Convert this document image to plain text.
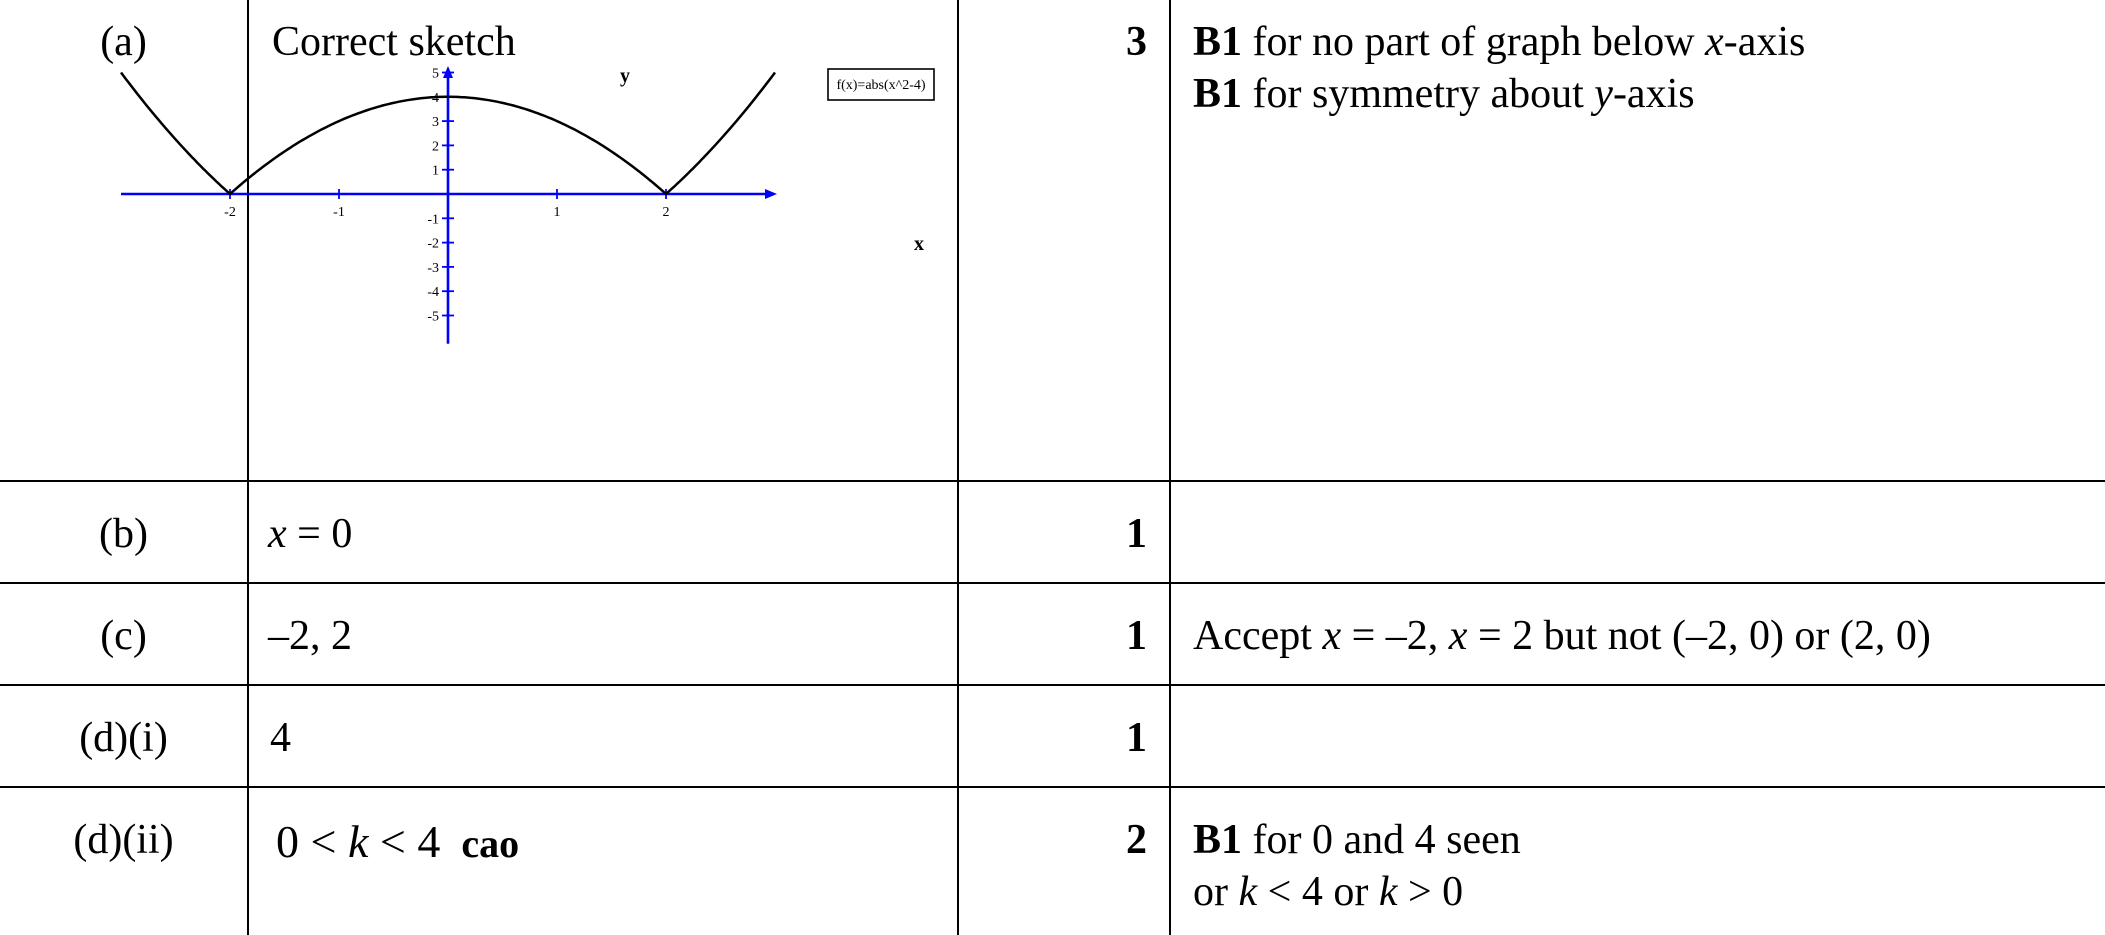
(a)	Correct sketch
-2	-1	1	2
5
4
3
2
1
-1
-2
-3
-4
-5
f(x)=abs(x^2-4)
y
x
3 B1 for no part of graph below x-axis
B1 for symmetry about y-axis
(b)	x = 0	1
(c)	–2, 2	1 Accept x = –2, x = 2 but not (–2, 0) or (2, 0)
(d)(i)	4	1
(d)(ii)	0 < k < 4 cao	2 B1 for 0 and 4 seen
or k < 4 or k > 0
